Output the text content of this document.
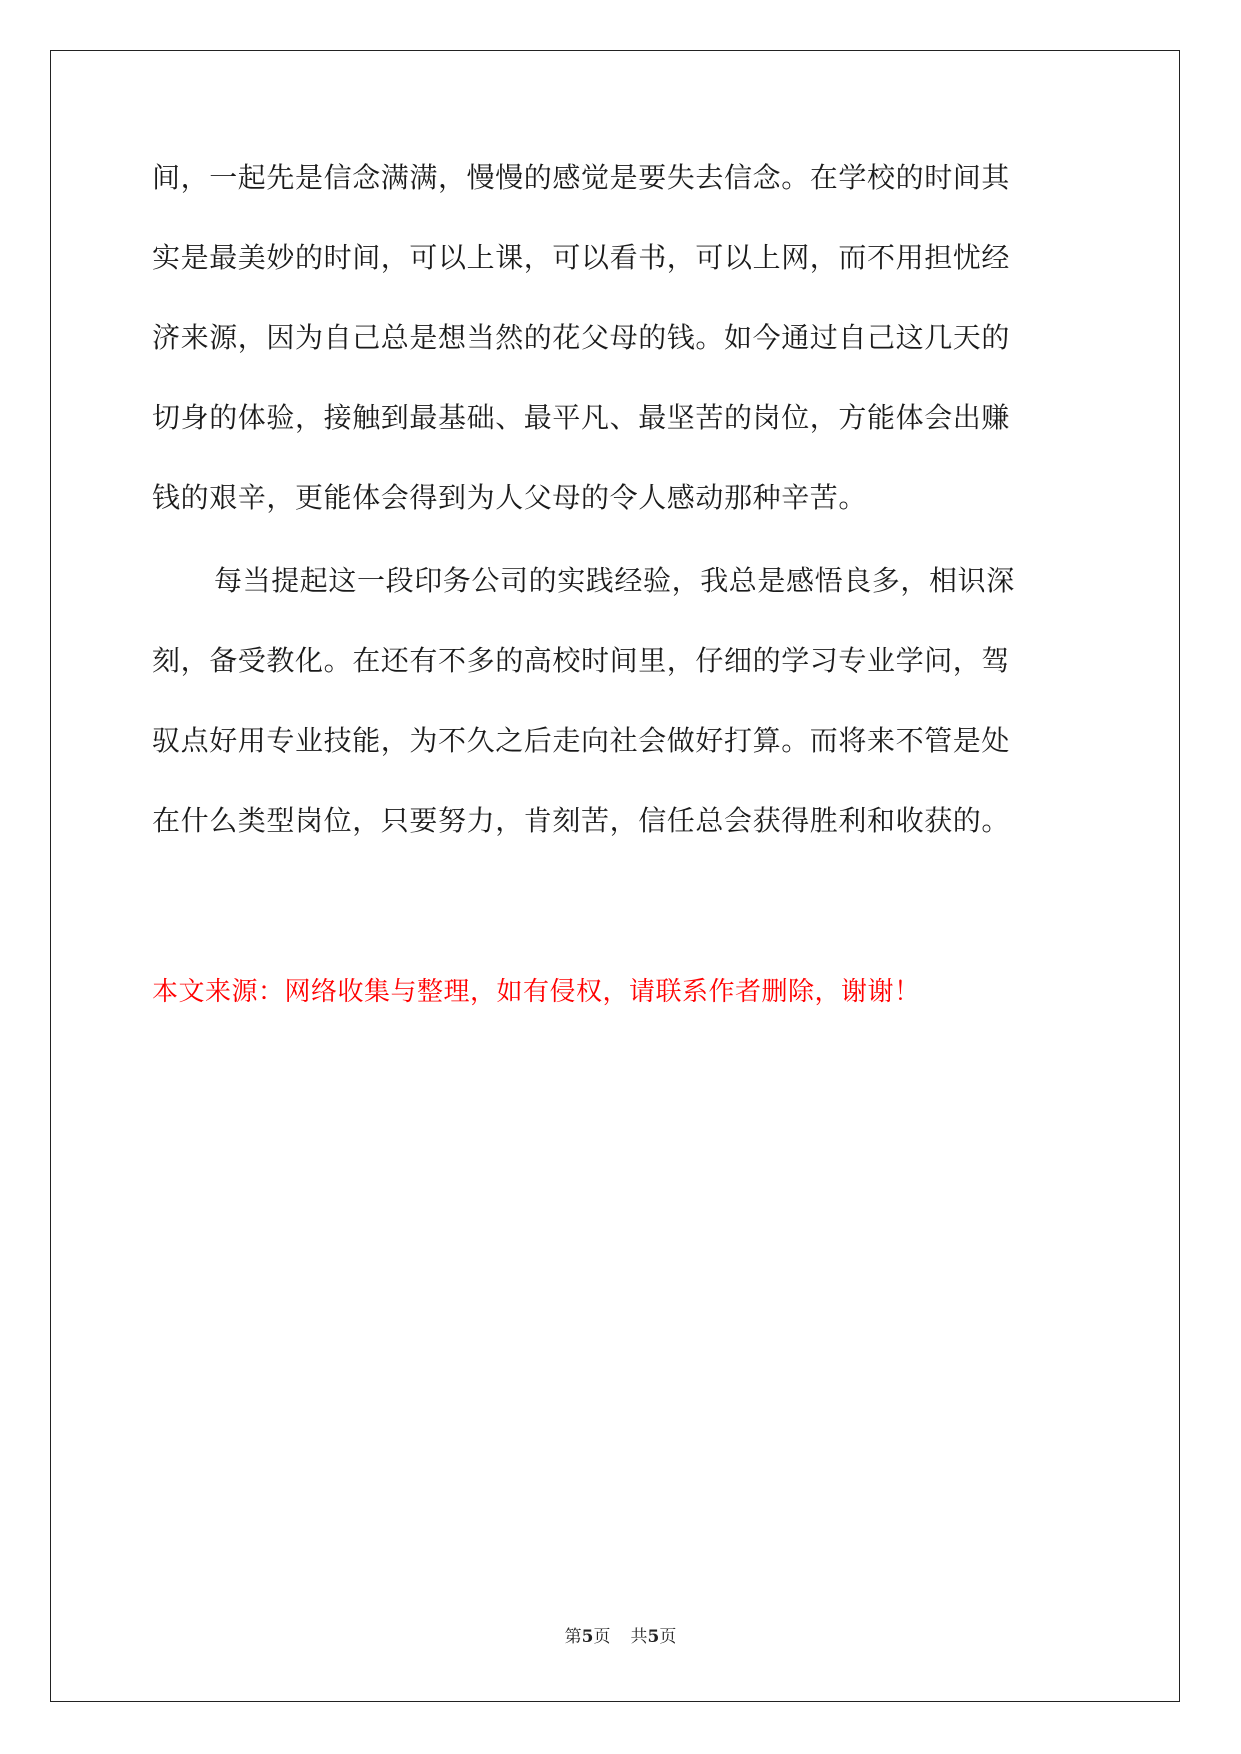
间，一起先是信念满满，慢慢的感觉是要失去信念。在学校的时间其

实是最美妙的时间，可以上课，可以看书，可以上网，而不用担忧经

济来源，因为自己总是想当然的花父母的钱。如今通过自己这几天的

切身的体验，接触到最基础、最平凡、最坚苦的岗位，方能体会出赚

钱的艰辛，更能体会得到为人父母的令人感动那种辛苦。

每当提起这一段印务公司的实践经验，我总是感悟良多，相识深

刻，备受教化。在还有不多的高校时间里，仔细的学习专业学问，驾

驭点好用专业技能，为不久之后走向社会做好打算。而将来不管是处

在什么类型岗位，只要努力，肯刻苦，信任总会获得胜利和收获的。

本文来源：网络收集与整理，如有侵权，请联系作者删除，谢谢！
第5页 共5页
